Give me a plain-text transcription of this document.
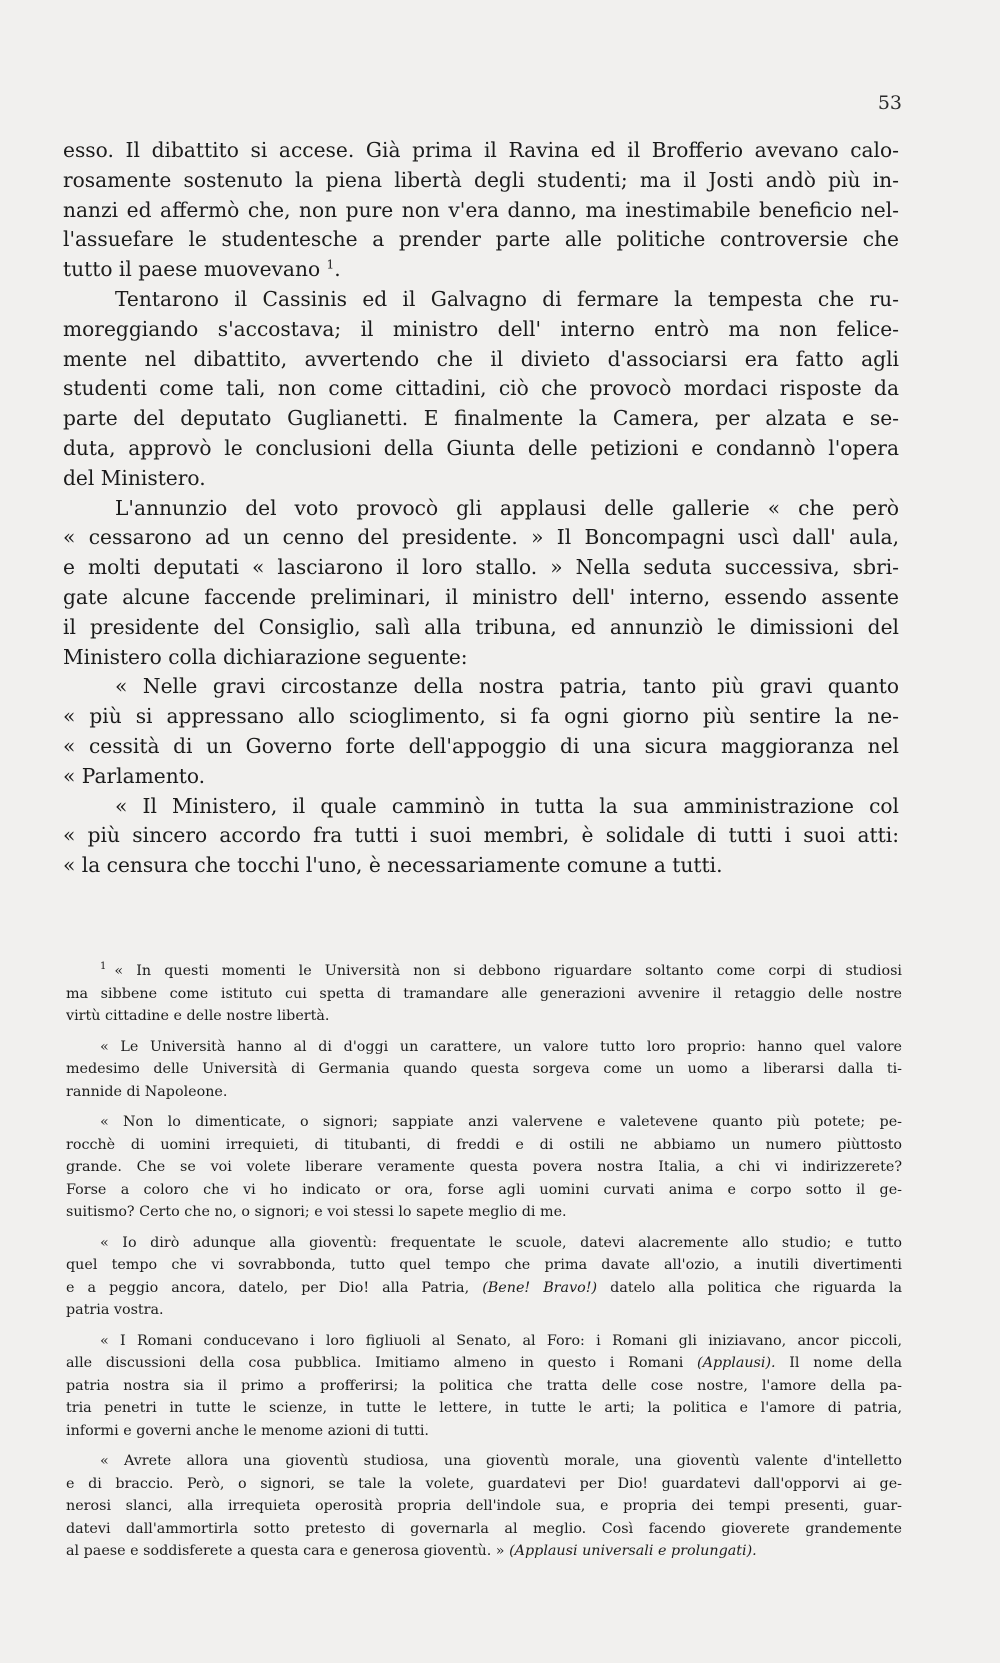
53
esso. Il dibattito si accese. Già prima il Ravina ed il Brofferio avevano calo-
rosamente sostenuto la piena libertà degli studenti; ma il Josti andò più in-
nanzi ed affermò che, non pure non v'era danno, ma inestimabile beneficio nel-
l'assuefare le studentesche a prender parte alle politiche controversie che
tutto il paese muovevano $^1$.
Tentarono il Cassinis ed il Galvagno di fermare la tempesta che ru-
moreggiando s'accostava; il ministro dell' interno entrò ma non felice-
mente nel dibattito, avvertendo che il divieto d'associarsi era fatto agli
studenti come tali, non come cittadini, ciò che provocò mordaci risposte da
parte del deputato Guglianetti. E finalmente la Camera, per alzata e se-
duta, approvò le conclusioni della Giunta delle petizioni e condannò l'opera
del Ministero.
L'annunzio del voto provocò gli applausi delle gallerie « che però
« cessarono ad un cenno del presidente. » Il Boncompagni uscì dall' aula,
e molti deputati « lasciarono il loro stallo. » Nella seduta successiva, sbri-
gate alcune faccende preliminari, il ministro dell' interno, essendo assente
il presidente del Consiglio, salì alla tribuna, ed annunziò le dimissioni del
Ministero colla dichiarazione seguente:
« Nelle gravi circostanze della nostra patria, tanto più gravi quanto
« più si appressano allo scioglimento, si fa ogni giorno più sentire la ne-
« cessità di un Governo forte dell'appoggio di una sicura maggioranza nel
« Parlamento.
« Il Ministero, il quale camminò in tutta la sua amministrazione col
« più sincero accordo fra tutti i suoi membri, è solidale di tutti i suoi atti:
« la censura che tocchi l'uno, è necessariamente comune a tutti.
$^1$ « In questi momenti le Università non si debbono riguardare soltanto come corpi di studiosi
ma sibbene come istituto cui spetta di tramandare alle generazioni avvenire il retaggio delle nostre
virtù cittadine e delle nostre libertà.
« Le Università hanno al di d'oggi un carattere, un valore tutto loro proprio: hanno quel valore
medesimo delle Università di Germania quando questa sorgeva come un uomo a liberarsi dalla ti-
rannide di Napoleone.
« Non lo dimenticate, o signori; sappiate anzi valervene e valetevene quanto più potete; pe-
rocchè di uomini irrequieti, di titubanti, di freddi e di ostili ne abbiamo un numero piùttosto
grande. Che se voi volete liberare veramente questa povera nostra Italia, a chi vi indirizzerete?
Forse a coloro che vi ho indicato or ora, forse agli uomini curvati anima e corpo sotto il ge-
suitismo? Certo che no, o signori; e voi stessi lo sapete meglio di me.
« Io dirò adunque alla gioventù: frequentate le scuole, datevi alacremente allo studio; e tutto
quel tempo che vi sovrabbonda, tutto quel tempo che prima davate all'ozio, a inutili divertimenti
e a peggio ancora, datelo, per Dio! alla Patria, (Bene! Bravo!) datelo alla politica che riguarda la
patria vostra.
« I Romani conducevano i loro figliuoli al Senato, al Foro: i Romani gli iniziavano, ancor piccoli,
alle discussioni della cosa pubblica. Imitiamo almeno in questo i Romani (Applausi). Il nome della
patria nostra sia il primo a profferirsi; la politica che tratta delle cose nostre, l'amore della pa-
tria penetri in tutte le scienze, in tutte le lettere, in tutte le arti; la politica e l'amore di patria,
informi e governi anche le menome azioni di tutti.
« Avrete allora una gioventù studiosa, una gioventù morale, una gioventù valente d'intelletto
e di braccio. Però, o signori, se tale la volete, guardatevi per Dio! guardatevi dall'opporvi ai ge-
nerosi slanci, alla irrequieta operosità propria dell'indole sua, e propria dei tempi presenti, guar-
datevi dall'ammortirla sotto pretesto di governarla al meglio. Così facendo gioverete grandemente
al paese e soddisferete a questa cara e generosa gioventù. » (Applausi universali e prolungati).
